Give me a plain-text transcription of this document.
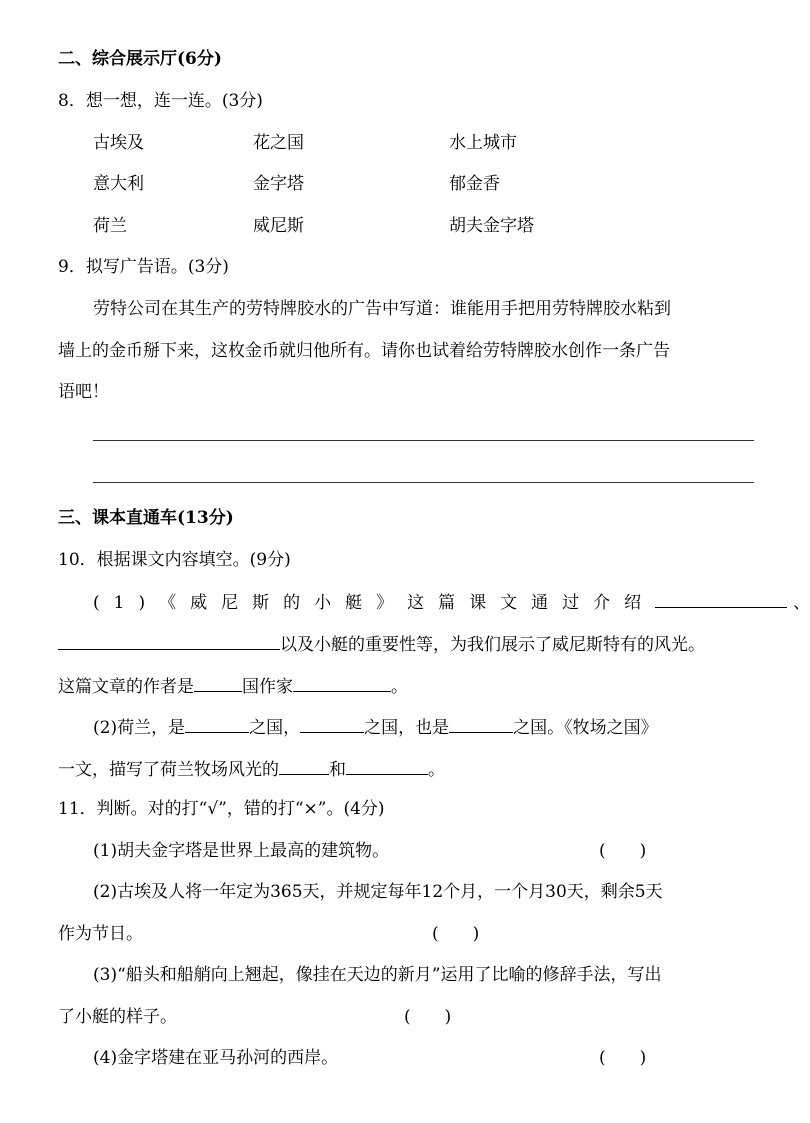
二、综合展示厅(6分)
8．想一想，连一连。(3分)
古埃及	花之国	水上城市
意大利	金字塔	郁金香
荷兰	威尼斯	胡夫金字塔
9．拟写广告语。(3分)
劳特公司在其生产的劳特牌胶水的广告中写道：谁能用手把用劳特牌胶水粘到
墙上的金币掰下来，这枚金币就归他所有。请你也试着给劳特牌胶水创作一条广告
语吧！
三、课本直通车(13分)
10．根据课文内容填空。(9分)
(1)《威尼斯的小艇》这篇课文通过介绍	、
以及小艇的重要性等，为我们展示了威尼斯特有的风光。
这篇文章的作者是	国作家	。
(2)荷兰，是	之国，	之国，也是	之国。《牧场之国》
一文，描写了荷兰牧场风光的	和	。
11．判断。对的打“√”，错的打“×”。(4分)
(1)胡夫金字塔是世界上最高的建筑物。	(　　)
(2)古埃及人将一年定为365天，并规定每年12个月，一个月30天，剩余5天
作为节日。	(　　)
(3)“船头和船艄向上翘起，像挂在天边的新月”运用了比喻的修辞手法，写出
了小艇的样子。	(　　)
(4)金字塔建在亚马孙河的西岸。	(　　)
